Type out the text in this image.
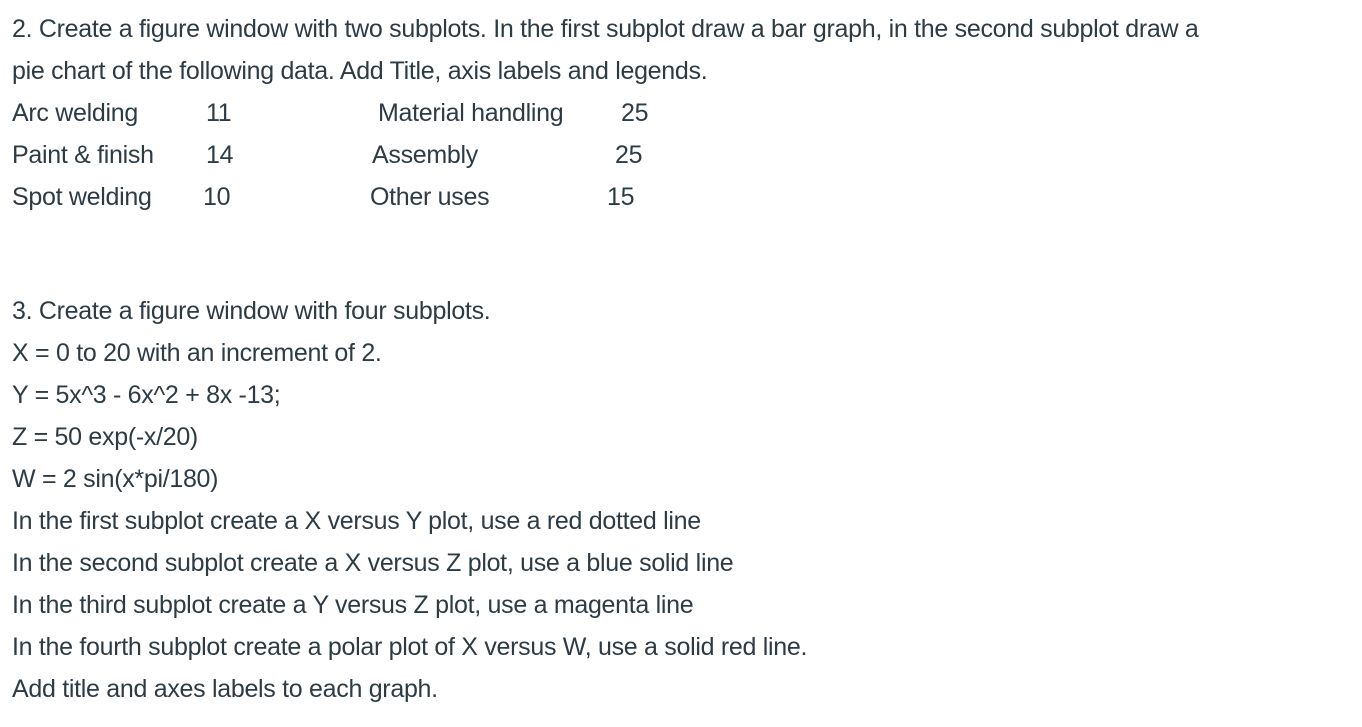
2. Create a figure window with two subplots. In the first subplot draw a bar graph, in the second subplot draw a
pie chart of the following data. Add Title, axis labels and legends.
Arc welding	11	Material handling 25
Paint & finish 14	Assembly	25
Spot welding 10	Other uses	15
3. Create a figure window with four subplots.
X = 0 to 20 with an increment of 2.
Y = 5x^3 - 6x^2 + 8x -13;
Z = 50 exp(-x/20)
W = 2 sin(x*pi/180)
In the first subplot create a X versus Y plot, use a red dotted line
In the second subplot create a X versus Z plot, use a blue solid line
In the third subplot create a Y versus Z plot, use a magenta line
In the fourth subplot create a polar plot of X versus W, use a solid red line.
Add title and axes labels to each graph.
